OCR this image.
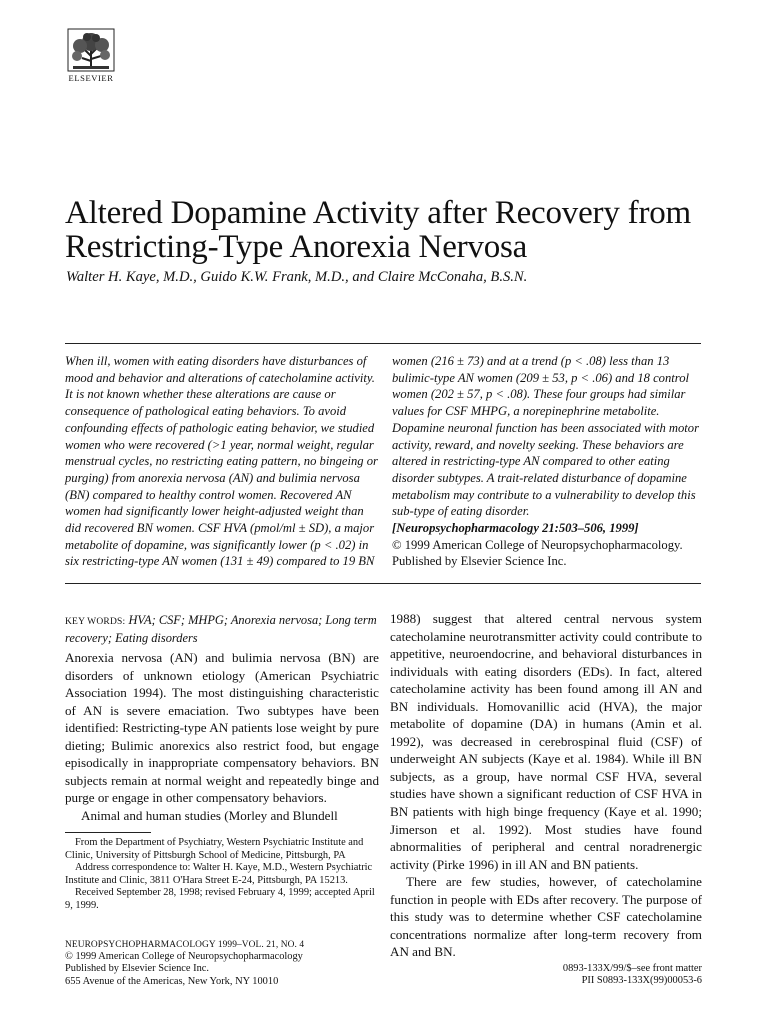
ELSEVIER
Altered Dopamine Activity after Recovery from Restricting-Type Anorexia Nervosa
Walter H. Kaye, M.D., Guido K.W. Frank, M.D., and Claire McConaha, B.S.N.
When ill, women with eating disorders have disturbances of mood and behavior and alterations of catecholamine activity. It is not known whether these alterations are cause or consequence of pathological eating behaviors. To avoid confounding effects of pathologic eating behavior, we studied women who were recovered (>1 year, normal weight, regular menstrual cycles, no restricting eating pattern, no bingeing or purging) from anorexia nervosa (AN) and bulimia nervosa (BN) compared to healthy control women. Recovered AN women had significantly lower height-adjusted weight than did recovered BN women. CSF HVA (pmol/ml ± SD), a major metabolite of dopamine, was significantly lower (p < .02) in six restricting-type AN women (131 ± 49) compared to 19 BN
women (216 ± 73) and at a trend (p < .08) less than 13 bulimic-type AN women (209 ± 53, p < .06) and 18 control women (202 ± 57, p < .08). These four groups had similar values for CSF MHPG, a norepinephrine metabolite. Dopamine neuronal function has been associated with motor activity, reward, and novelty seeking. These behaviors are altered in restricting-type AN compared to other eating disorder subtypes. A trait-related disturbance of dopamine metabolism may contribute to a vulnerability to develop this sub-type of eating disorder.
[Neuropsychopharmacology 21:503–506, 1999]
© 1999 American College of Neuropsychopharmacology.
Published by Elsevier Science Inc.
KEY WORDS: HVA; CSF; MHPG; Anorexia nervosa; Long term recovery; Eating disorders

Anorexia nervosa (AN) and bulimia nervosa (BN) are disorders of unknown etiology (American Psychiatric Association 1994). The most distinguishing characteristic of AN is severe emaciation. Two subtypes have been identified: Restricting-type AN patients lose weight by pure dieting; Bulimic anorexics also restrict food, but engage episodically in inappropriate compensatory behaviors. BN subjects remain at normal weight and repeatedly binge and purge or engage in other compensatory behaviors.

Animal and human studies (Morley and Blundell

1988) suggest that altered central nervous system catecholamine neurotransmitter activity could contribute to appetitive, neuroendocrine, and behavioral disturbances in individuals with eating disorders (EDs). In fact, altered catecholamine activity has been found among ill AN and BN individuals. Homovanillic acid (HVA), the major metabolite of dopamine (DA) in humans (Amin et al. 1992), was decreased in cerebrospinal fluid (CSF) of underweight AN subjects (Kaye et al. 1984). While ill BN subjects, as a group, have normal CSF HVA, several studies have shown a significant reduction of CSF HVA in BN patients with high binge frequency (Kaye et al. 1990; Jimerson et al. 1992). Most studies have found abnormalities of peripheral and central noradrenergic activity (Pirke 1996) in ill AN and BN patients.

There are few studies, however, of catecholamine function in people with EDs after recovery. The purpose of this study was to determine whether CSF catecholamine concentrations normalize after long-term recovery from AN and BN.

From the Department of Psychiatry, Western Psychiatric Institute and Clinic, University of Pittsburgh School of Medicine, Pittsburgh, PA

Address correspondence to: Walter H. Kaye, M.D., Western Psychiatric Institute and Clinic, 3811 O'Hara Street E-24, Pittsburgh, PA 15213.

Received September 28, 1998; revised February 4, 1999; accepted April 9, 1999.

NEUROPSYCHOPHARMACOLOGY 1999–VOL. 21, NO. 4
© 1999 American College of Neuropsychopharmacology
Published by Elsevier Science Inc.
655 Avenue of the Americas, New York, NY 10010
0893-133X/99/$–see front matter
PII S0893-133X(99)00053-6
